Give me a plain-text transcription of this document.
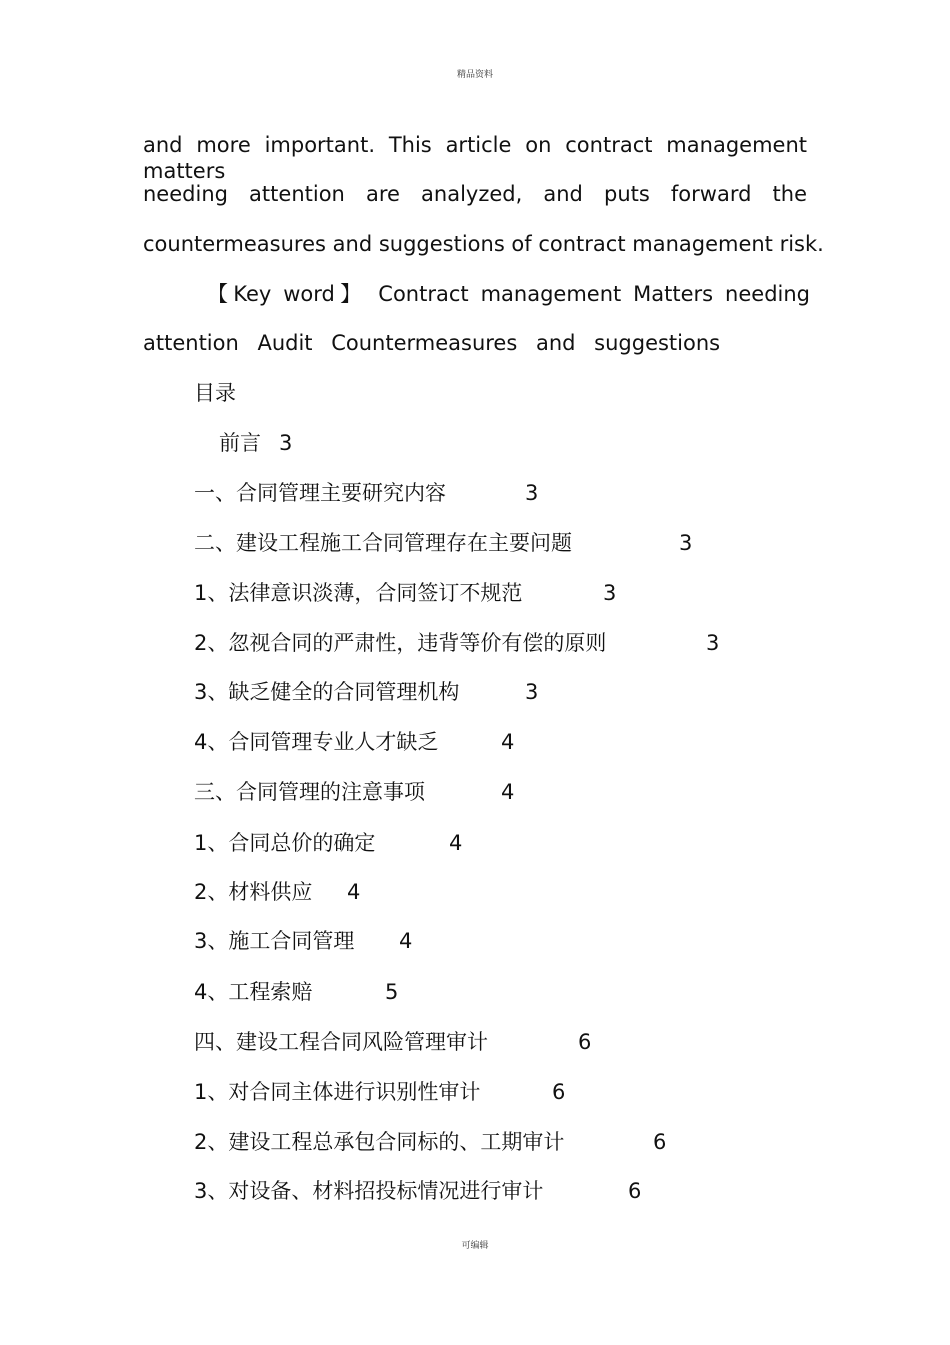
精品资料
and more important. This article on contract management matters
needing attention are analyzed, and puts forward the
countermeasures and suggestions of contract management risk.
【Key word】 Contract management Matters needing
attention Audit Countermeasures and suggestions
目录
前言 3
一、合同管理主要研究内容	3
二、建设工程施工合同管理存在主要问题	3
1、法律意识淡薄，合同签订不规范	3
2、忽视合同的严肃性，违背等价有偿的原则	3
3、缺乏健全的合同管理机构	3
4、合同管理专业人才缺乏	4
三、合同管理的注意事项	4
1、合同总价的确定	4
2、材料供应 4
3、施工合同管理 4
4、工程索赔	5
四、建设工程合同风险管理审计	6
1、对合同主体进行识别性审计	6
2、建设工程总承包合同标的、工期审计	6
3、对设备、材料招投标情况进行审计	6
可编辑
